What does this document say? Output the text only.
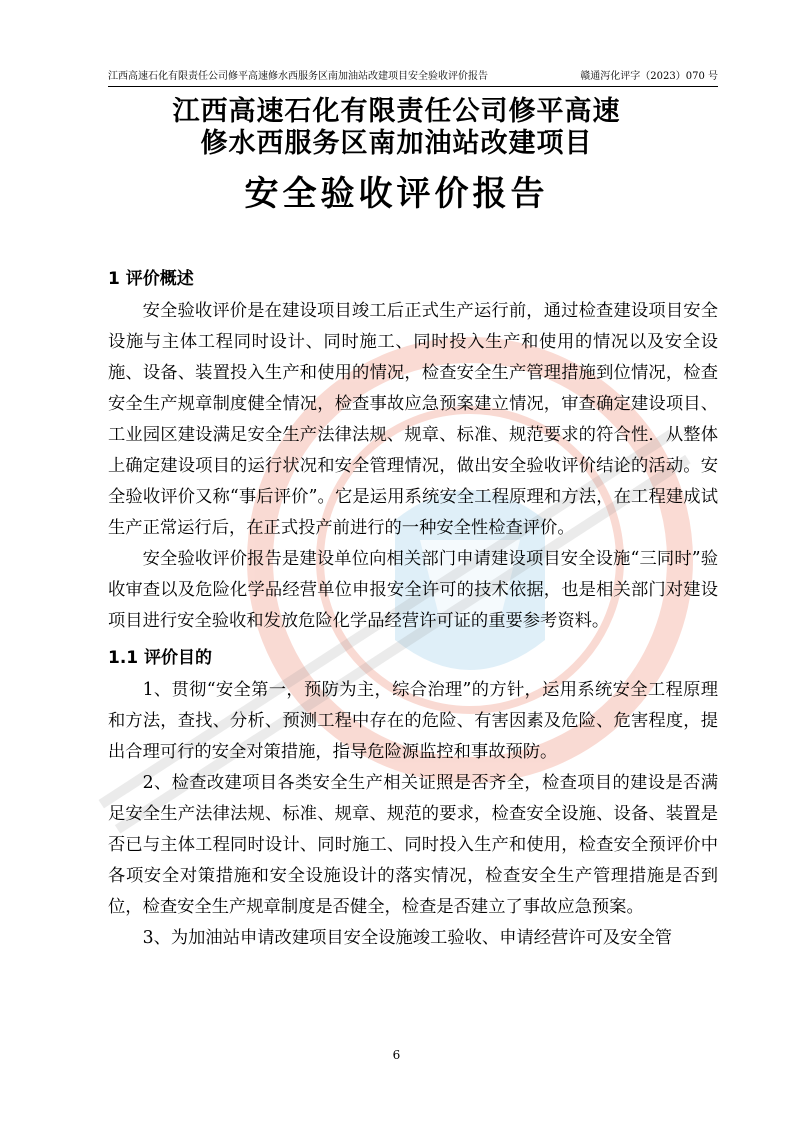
江西高速石化有限责任公司修平高速修水西服务区南加油站改建项目安全验收评价报告	赣通泻化评字（2023）070 号
江西高速石化有限责任公司修平高速
修水西服务区南加油站改建项目
安全验收评价报告
1 评价概述

安全验收评价是在建设项目竣工后正式生产运行前，通过检查建设项目安全设施与主体工程同时设计、同时施工、同时投入生产和使用的情况以及安全设施、设备、装置投入生产和使用的情况，检查安全生产管理措施到位情况，检查安全生产规章制度健全情况，检查事故应急预案建立情况，审查确定建设项目、工业园区建设满足安全生产法律法规、规章、标准、规范要求的符合性．从整体上确定建设项目的运行状况和安全管理情况，做出安全验收评价结论的活动。安全验收评价又称“事后评价”。它是运用系统安全工程原理和方法，在工程建成试生产正常运行后，在正式投产前进行的一种安全性检查评价。

安全验收评价报告是建设单位向相关部门申请建设项目安全设施“三同时”验收审查以及危险化学品经营单位申报安全许可的技术依据，也是相关部门对建设项目进行安全验收和发放危险化学品经营许可证的重要参考资料。

1.1 评价目的

1、贯彻“安全第一，预防为主，综合治理”的方针，运用系统安全工程原理和方法，查找、分析、预测工程中存在的危险、有害因素及危险、危害程度，提出合理可行的安全对策措施，指导危险源监控和事故预防。

2、检查改建项目各类安全生产相关证照是否齐全，检查项目的建设是否满足安全生产法律法规、标准、规章、规范的要求，检查安全设施、设备、装置是否已与主体工程同时设计、同时施工、同时投入生产和使用，检查安全预评价中各项安全对策措施和安全设施设计的落实情况，检查安全生产管理措施是否到位，检查安全生产规章制度是否健全，检查是否建立了事故应急预案。

3、为加油站申请改建项目安全设施竣工验收、申请经营许可及安全管

6
